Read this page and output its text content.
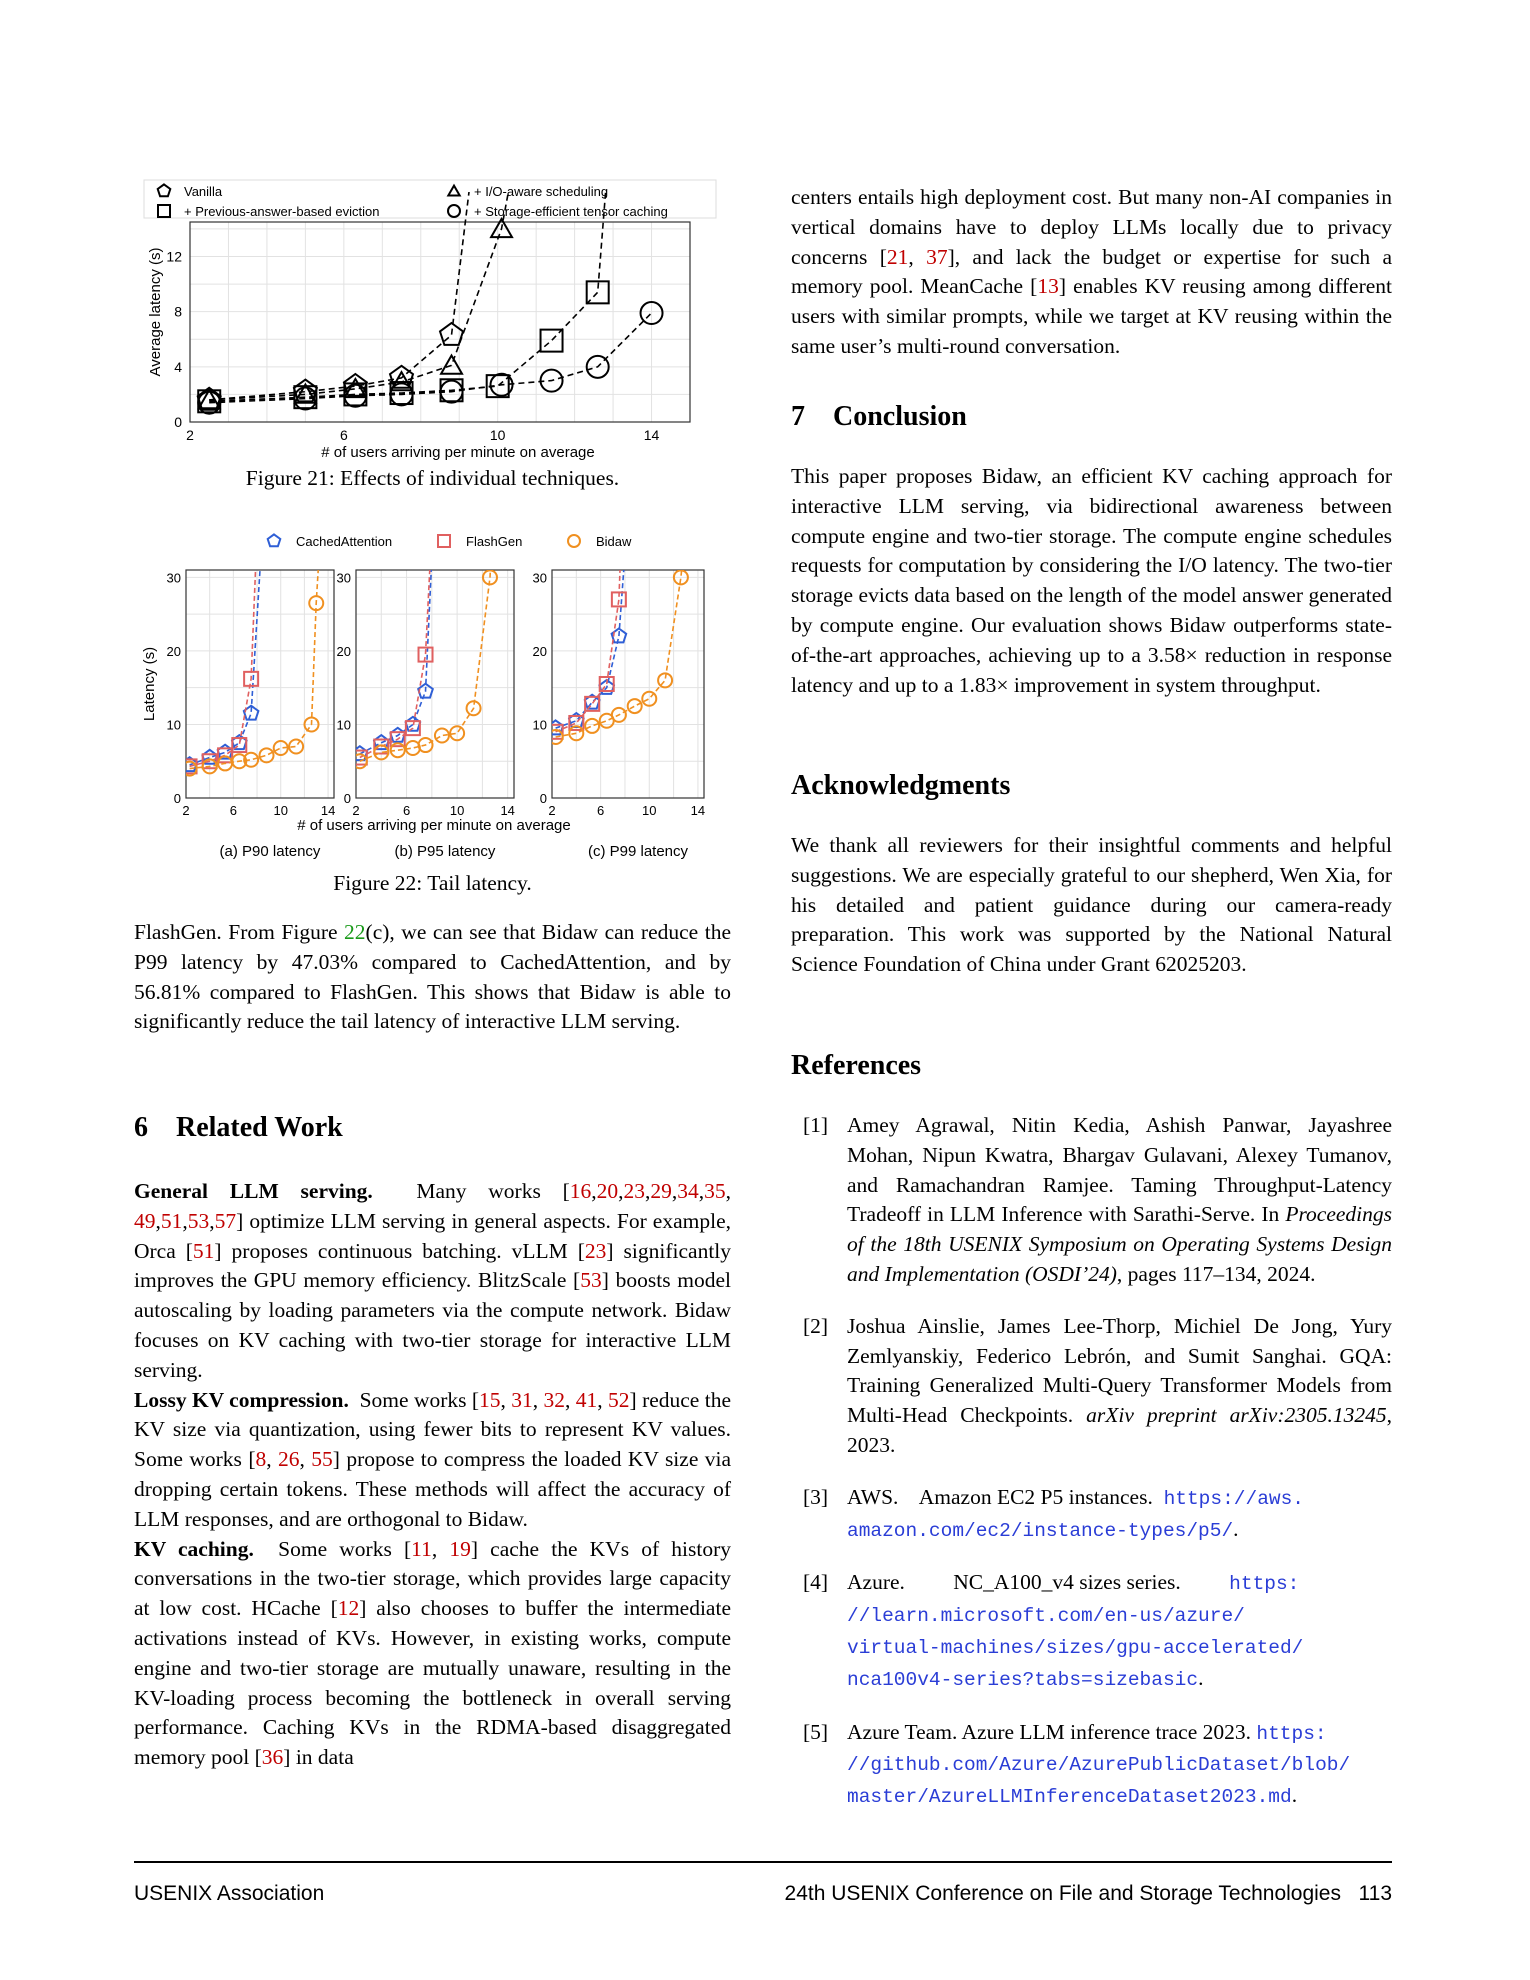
2	6	10	14
0
4
8
12
# of users arriving per minute on average
Average latency (s)
Vanilla
+ Previous-answer-based eviction
+ I/O-aware scheduling
+ Storage-efficient tensor caching
Figure 21: Effects of individual techniques.
CachedAttention	FlashGen	Bidaw
2	6	10	14
0
10
20
30
(a) P90 latency
Latency (s)
2	6	10	14
0
10
20
30
(b) P95 latency
2	6	10	14
0
10
20
30
(c) P99 latency
# of users arriving per minute on average
Figure 22: Tail latency.

FlashGen. From Figure 22(c), we can see that Bidaw can reduce the P99 latency by 47.03% compared to CachedAttention, and by 56.81% compared to FlashGen. This shows that Bidaw is able to significantly reduce the tail latency of interactive LLM serving.

6    Related Work

General LLM serving.  Many works [16,20,23,29,34,35, 49,51,53,57] optimize LLM serving in general aspects. For example, Orca [51] proposes continuous batching. vLLM [23] significantly improves the GPU memory efficiency. BlitzScale [53] boosts model autoscaling by loading parameters via the compute network. Bidaw focuses on KV caching with two-tier storage for interactive LLM serving.
Lossy KV compression.  Some works [15, 31, 32, 41, 52] reduce the KV size via quantization, using fewer bits to represent KV values. Some works [8, 26, 55] propose to compress the loaded KV size via dropping certain tokens. These methods will affect the accuracy of LLM responses, and are orthogonal to Bidaw.
KV caching.  Some works [11, 19] cache the KVs of history conversations in the two-tier storage, which provides large capacity at low cost. HCache [12] also chooses to buffer the intermediate activations instead of KVs. However, in existing works, compute engine and two-tier storage are mutually unaware, resulting in the KV-loading process becoming the bottleneck in overall serving performance. Caching KVs in the RDMA-based disaggregated memory pool [36] in data

centers entails high deployment cost. But many non-AI companies in vertical domains have to deploy LLMs locally due to privacy concerns [21, 37], and lack the budget or expertise for such a memory pool. MeanCache [13] enables KV reusing among different users with similar prompts, while we target at KV reusing within the same user’s multi-round conversation.

7    Conclusion

This paper proposes Bidaw, an efficient KV caching approach for interactive LLM serving, via bidirectional awareness between compute engine and two-tier storage. The compute engine schedules requests for computation by considering the I/O latency. The two-tier storage evicts data based on the length of the model answer generated by compute engine. Our evaluation shows Bidaw outperforms state-of-the-art approaches, achieving up to a 3.58× reduction in response latency and up to a 1.83× improvement in system throughput.

Acknowledgments

We thank all reviewers for their insightful comments and helpful suggestions. We are especially grateful to our shepherd, Wen Xia, for his detailed and patient guidance during our camera-ready preparation. This work was supported by the National Natural Science Foundation of China under Grant 62025203.

References
[1] Amey Agrawal, Nitin Kedia, Ashish Panwar, Jayashree Mohan, Nipun Kwatra, Bhargav Gulavani, Alexey Tumanov, and Ramachandran Ramjee. Taming Throughput-Latency Tradeoff in LLM Inference with Sarathi-Serve. In Proceedings of the 18th USENIX Symposium on Operating Systems Design and Implementation (OSDI’24), pages 117–134, 2024.
[2] Joshua Ainslie, James Lee-Thorp, Michiel De Jong, Yury Zemlyanskiy, Federico Lebrón, and Sumit Sanghai. GQA: Training Generalized Multi-Query Transformer Models from Multi-Head Checkpoints. arXiv preprint arXiv:2305.13245, 2023.
[3] AWS.    Amazon EC2 P5 instances.  https://aws.
amazon.com/ec2/instance-types/p5/.
[4] Azure.         NC_A100_v4 sizes series.         https:
//learn.microsoft.com/en-us/azure/
virtual-machines/sizes/gpu-accelerated/
nca100v4-series?tabs=sizebasic.
[5] Azure Team. Azure LLM inference trace 2023. https:
//github.com/Azure/AzurePublicDataset/blob/
master/AzureLLMInferenceDataset2023.md.
USENIX Association	24th USENIX Conference on File and Storage Technologies 113
